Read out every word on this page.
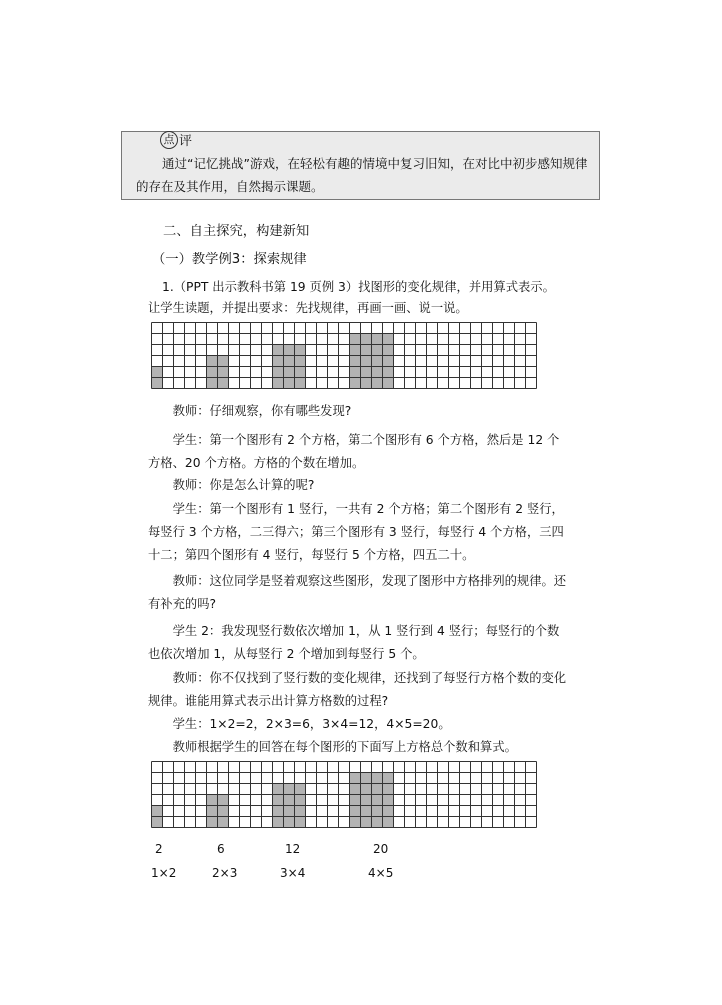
点 评
通过“记忆挑战”游戏，在轻松有趣的情境中复习旧知，在对比中初步感知规律的存在及其作用，自然揭示课题。

二、自主探究，构建新知

（一）教学例3：探索规律

1.（PPT 出示教科书第 19 页例 3）找图形的变化规律，并用算式表示。

让学生读题，并提出要求：先找规律，再画一画、说一说。

教师：仔细观察，你有哪些发现?

学生：第一个图形有 2 个方格，第二个图形有 6 个方格，然后是 12 个方格、20 个方格。方格的个数在增加。

教师：你是怎么计算的呢?

学生：第一个图形有 1 竖行，一共有 2 个方格；第二个图形有 2 竖行，每竖行 3 个方格，二三得六；第三个图形有 3 竖行，每竖行 4 个方格，三四十二；第四个图形有 4 竖行，每竖行 5 个方格，四五二十。

教师：这位同学是竖着观察这些图形，发现了图形中方格排列的规律。还有补充的吗?

学生 2：我发现竖行数依次增加 1，从 1 竖行到 4 竖行；每竖行的个数也依次增加 1，从每竖行 2 个增加到每竖行 5 个。

教师：你不仅找到了竖行数的变化规律，还找到了每竖行方格个数的变化规律。谁能用算式表示出计算方格数的过程?

学生：1×2=2，2×3=6，3×4=12，4×5=20。

教师根据学生的回答在每个图形的下面写上方格总个数和算式。

2	6	12	20
1×2	2×3	3×4	4×5
